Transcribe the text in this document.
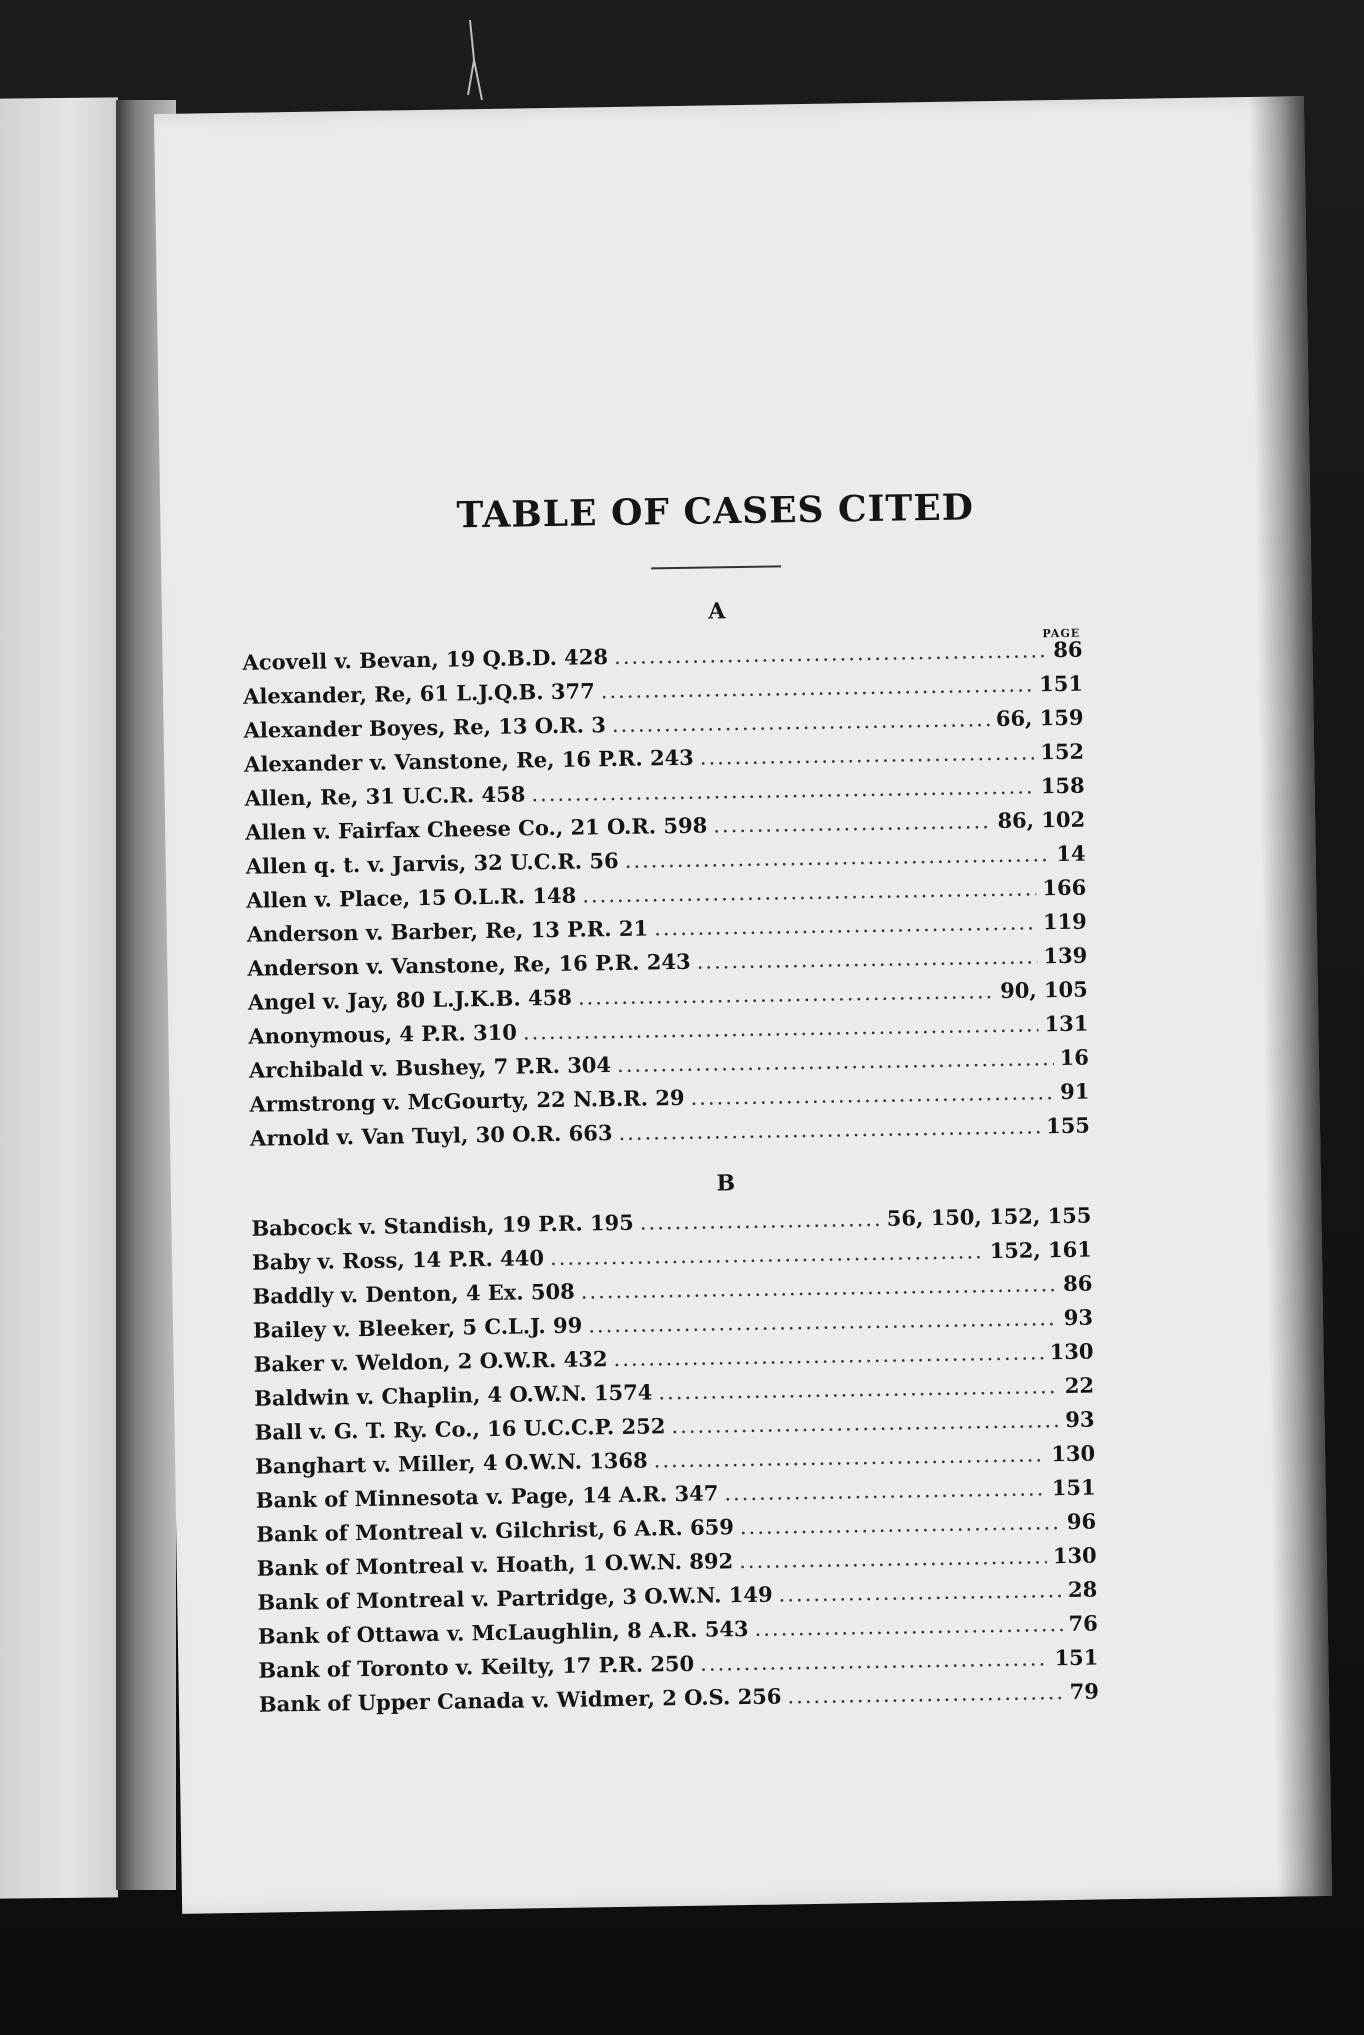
TABLE OF CASES CITED
A
PAGE
Acovell v. Bevan, 19 Q.B.D. 428 .....	86
Alexander, Re, 61 L.J.Q.B. 377 .....	151
Alexander Boyes, Re, 13 O.R. 3 .....	66, 159
Alexander v. Vanstone, Re, 16 P.R. 243 .....	152
Allen, Re, 31 U.C.R. 458 .....	158
Allen v. Fairfax Cheese Co., 21 O.R. 598 .....	86, 102
Allen q. t. v. Jarvis, 32 U.C.R. 56 .....	14
Allen v. Place, 15 O.L.R. 148 .....	166
Anderson v. Barber, Re, 13 P.R. 21 .....	119
Anderson v. Vanstone, Re, 16 P.R. 243 .....	139
Angel v. Jay, 80 L.J.K.B. 458 .....	90, 105
Anonymous, 4 P.R. 310 .....	131
Archibald v. Bushey, 7 P.R. 304 .....	16
Armstrong v. McGourty, 22 N.B.R. 29 .....	91
Arnold v. Van Tuyl, 30 O.R. 663 .....	155
B
Babcock v. Standish, 19 P.R. 195 .....	56, 150, 152, 155
Baby v. Ross, 14 P.R. 440 .....	152, 161
Baddly v. Denton, 4 Ex. 508 .....	86
Bailey v. Bleeker, 5 C.L.J. 99 .....	93
Baker v. Weldon, 2 O.W.R. 432 .....	130
Baldwin v. Chaplin, 4 O.W.N. 1574 .....	22
Ball v. G. T. Ry. Co., 16 U.C.C.P. 252 .....	93
Banghart v. Miller, 4 O.W.N. 1368 .....	130
Bank of Minnesota v. Page, 14 A.R. 347 .....	151
Bank of Montreal v. Gilchrist, 6 A.R. 659 .....	96
Bank of Montreal v. Hoath, 1 O.W.N. 892 .....	130
Bank of Montreal v. Partridge, 3 O.W.N. 149 .....	28
Bank of Ottawa v. McLaughlin, 8 A.R. 543 .....	76
Bank of Toronto v. Keilty, 17 P.R. 250 .....	151
Bank of Upper Canada v. Widmer, 2 O.S. 256 .....	79
